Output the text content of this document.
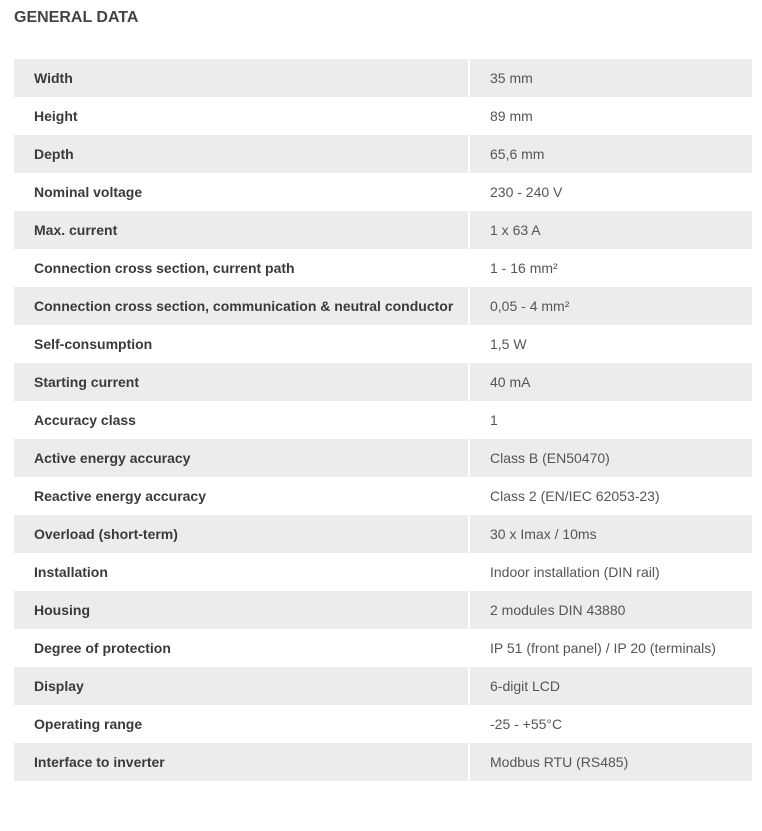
GENERAL DATA
Width	35 mm
Height	89 mm
Depth	65,6 mm
Nominal voltage	230 - 240 V
Max. current	1 x 63 A
Connection cross section, current path	1 - 16 mm²
Connection cross section, communication & neutral conductor	0,05 - 4 mm²
Self-consumption	1,5 W
Starting current	40 mA
Accuracy class	1
Active energy accuracy	Class B (EN50470)
Reactive energy accuracy	Class 2 (EN/IEC 62053-23)
Overload (short-term)	30 x Imax / 10ms
Installation	Indoor installation (DIN rail)
Housing	2 modules DIN 43880
Degree of protection	IP 51 (front panel) / IP 20 (terminals)
Display	6-digit LCD
Operating range	-25 - +55°C
Interface to inverter	Modbus RTU (RS485)
